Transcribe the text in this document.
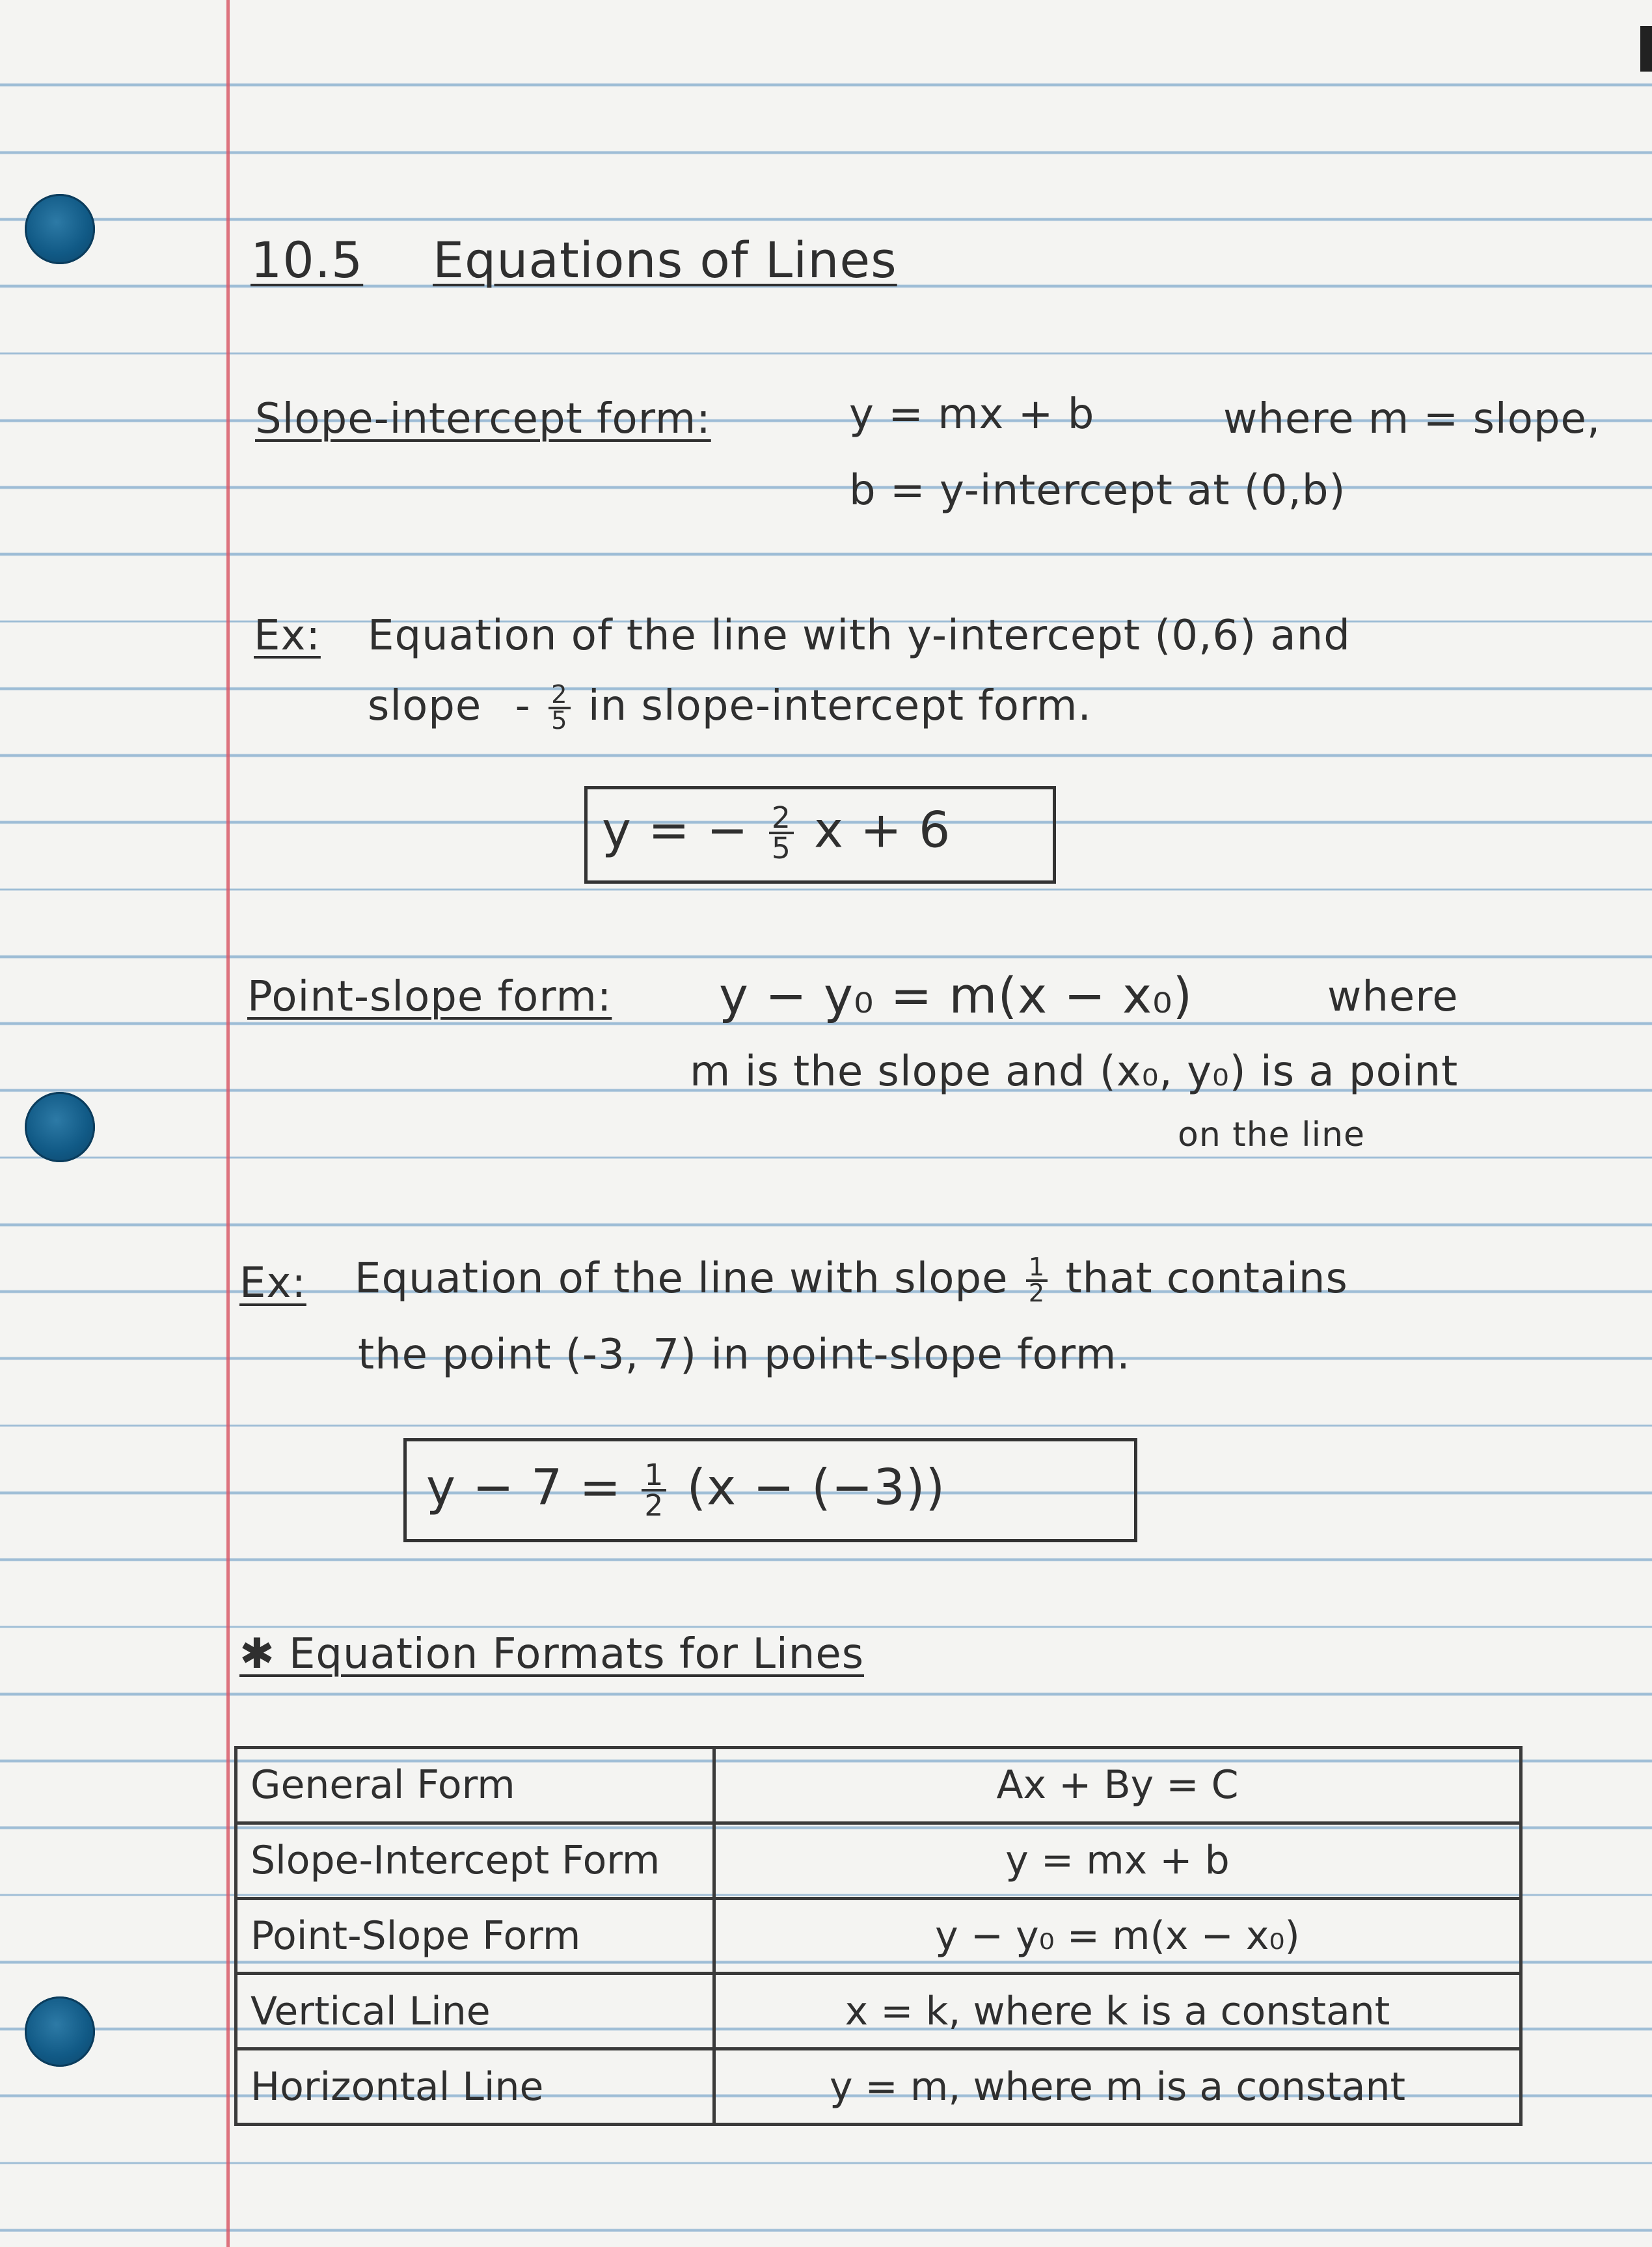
10.5 Equations of Lines
Slope-intercept form:	y = mx + b	where m = slope,
b = y-intercept at (0,b)
Ex: Equation of the line with y-intercept (0,6) and
slope - $\frac{2}{5}$ in slope-intercept form.
y = − $\frac{2}{5}$ x + 6
Point-slope form: y − y₀ = m(x − x₀)	where
m is the slope and (x₀, y₀) is a point
on the line
Ex: Equation of the line with slope $\frac{1}{2}$ that contains
the point (-3, 7) in point-slope form.
$y - 7 = \frac{1}{2} (x - (-3))$
✱ Equation Formats for Lines
General Form	Ax + By = C
Slope-Intercept Form	y = mx + b
Point-Slope Form	y − y₀ = m(x − x₀)
Vertical Line	x = k, where k is a constant
Horizontal Line	y = m, where m is a constant
